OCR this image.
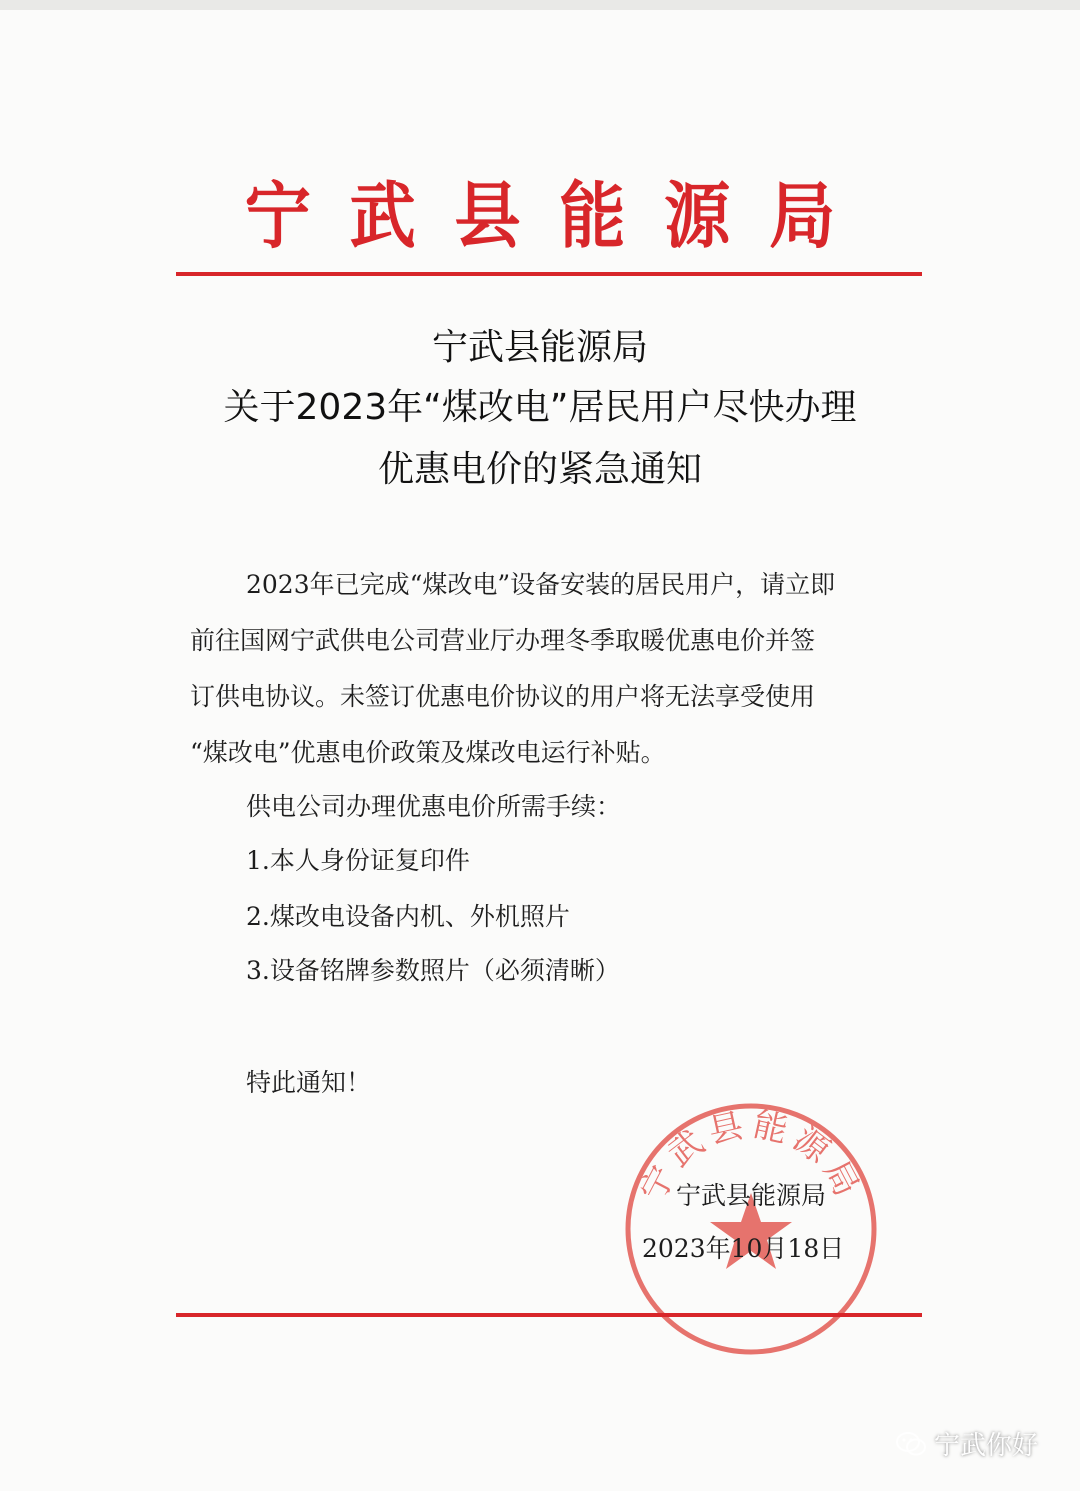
宁武县能源局
宁武县能源局
关于2023年“煤改电”居民用户尽快办理
优惠电价的紧急通知
2023年已完成“煤改电”设备安装的居民用户，请立即
前往国网宁武供电公司营业厅办理冬季取暖优惠电价并签
订供电协议。未签订优惠电价协议的用户将无法享受使用
“煤改电”优惠电价政策及煤改电运行补贴。
供电公司办理优惠电价所需手续：
1.本人身份证复印件
2.煤改电设备内机、外机照片
3.设备铭牌参数照片（必须清晰）
特此通知！
宁武县能源局
宁武县能源局
2023年10月18日
宁武你好
